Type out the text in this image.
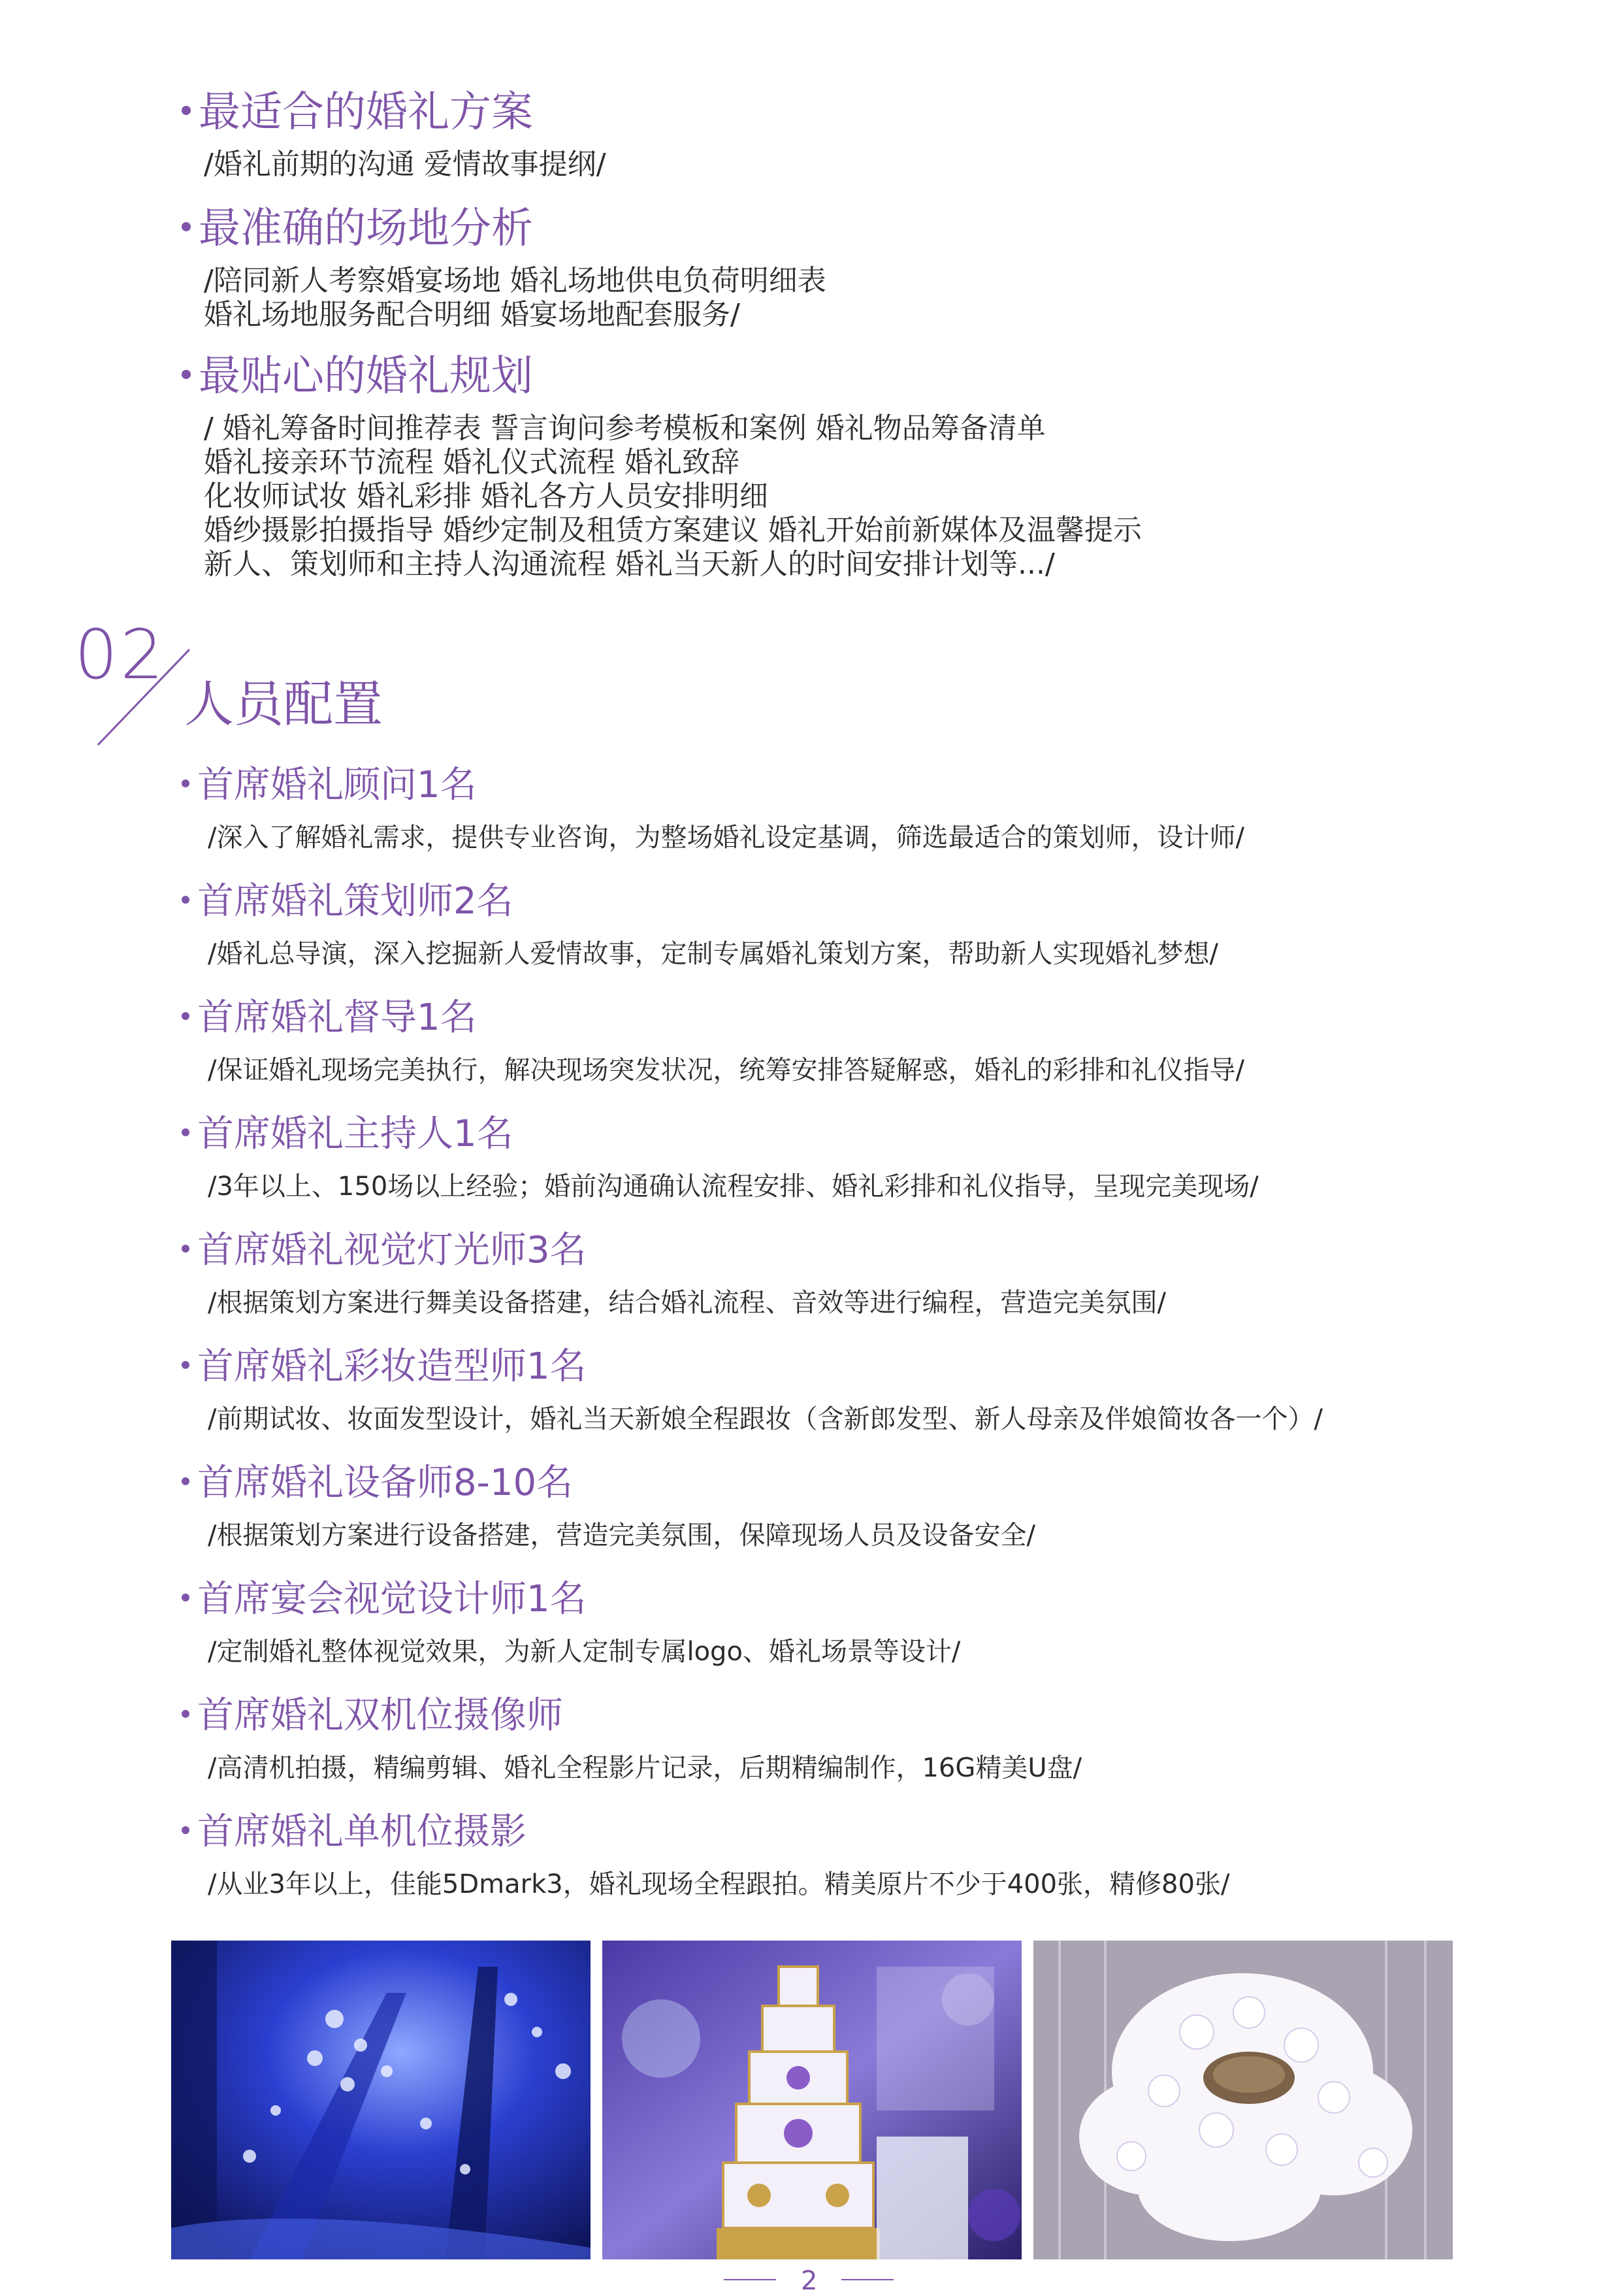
最适合的婚礼方案
/婚礼前期的沟通 爱情故事提纲/
最准确的场地分析
/陪同新人考察婚宴场地 婚礼场地供电负荷明细表
婚礼场地服务配合明细 婚宴场地配套服务/
最贴心的婚礼规划
/ 婚礼筹备时间推荐表 誓言询问参考模板和案例 婚礼物品筹备清单
婚礼接亲环节流程 婚礼仪式流程 婚礼致辞
化妆师试妆 婚礼彩排 婚礼各方人员安排明细
婚纱摄影拍摄指导 婚纱定制及租赁方案建议 婚礼开始前新媒体及温馨提示
新人、策划师和主持人沟通流程 婚礼当天新人的时间安排计划等.../
02
人员配置
首席婚礼顾问1名
/深入了解婚礼需求，提供专业咨询，为整场婚礼设定基调，筛选最适合的策划师，设计师/
首席婚礼策划师2名
/婚礼总导演，深入挖掘新人爱情故事，定制专属婚礼策划方案，帮助新人实现婚礼梦想/
首席婚礼督导1名
/保证婚礼现场完美执行，解决现场突发状况，统筹安排答疑解惑，婚礼的彩排和礼仪指导/
首席婚礼主持人1名
/3年以上、150场以上经验；婚前沟通确认流程安排、婚礼彩排和礼仪指导，呈现完美现场/
首席婚礼视觉灯光师3名
/根据策划方案进行舞美设备搭建，结合婚礼流程、音效等进行编程，营造完美氛围/
首席婚礼彩妆造型师1名
/前期试妆、妆面发型设计，婚礼当天新娘全程跟妆（含新郎发型、新人母亲及伴娘简妆各一个）/
首席婚礼设备师8-10名
/根据策划方案进行设备搭建，营造完美氛围，保障现场人员及设备安全/
首席宴会视觉设计师1名
/定制婚礼整体视觉效果，为新人定制专属logo、婚礼场景等设计/
首席婚礼双机位摄像师
/高清机拍摄，精编剪辑、婚礼全程影片记录，后期精编制作，16G精美U盘/
首席婚礼单机位摄影
/从业3年以上，佳能5Dmark3，婚礼现场全程跟拍。精美原片不少于400张，精修80张/
2
